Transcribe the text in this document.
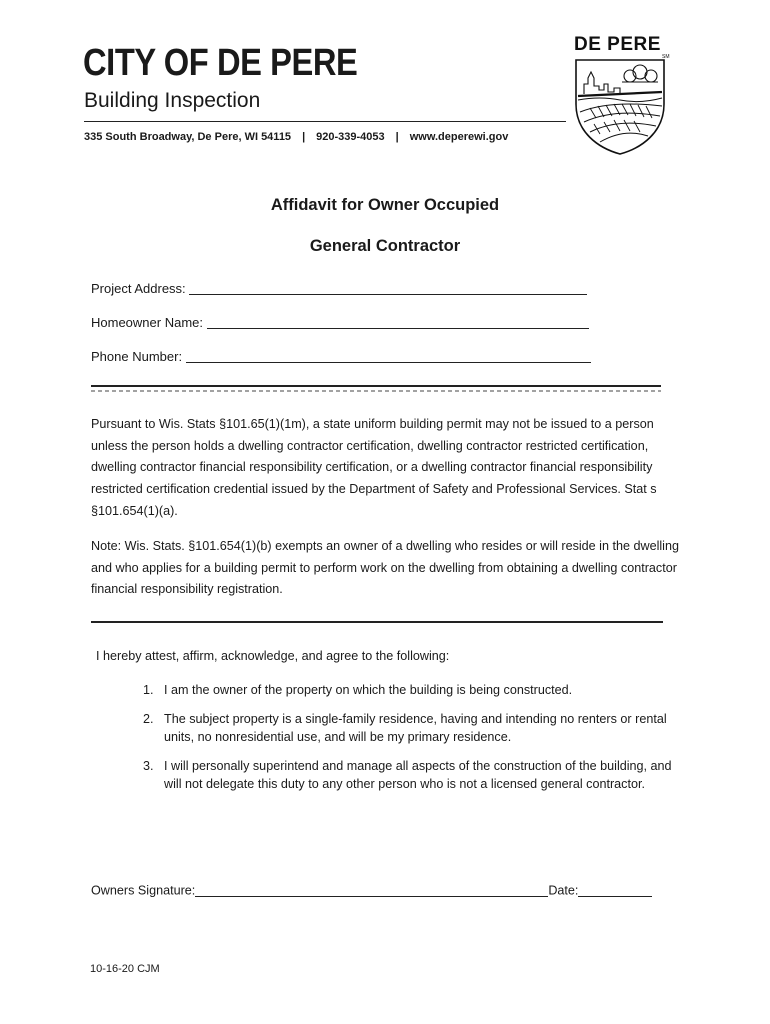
CITY OF DE PERE
Building Inspection
335 South Broadway, De Pere, WI 54115 | 920-339-4053 | www.deperewi.gov
DE PERE
SM
Affidavit for Owner Occupied
General Contractor
Project Address:
Homeowner Name:
Phone Number:
Pursuant to Wis. Stats §101.65(1)(1m), a state uniform building permit may not be issued to a person unless the person holds a dwelling contractor certification, dwelling contractor restricted certification, dwelling contractor financial responsibility certification, or a dwelling contractor financial responsibility restricted certification credential issued by the Department of Safety and Professional Services. Stat s §101.654(1)(a).
Note: Wis. Stats. §101.654(1)(b) exempts an owner of a dwelling who resides or will reside in the dwelling and who applies for a building permit to perform work on the dwelling from obtaining a dwelling contractor financial responsibility registration.
I hereby attest, affirm, acknowledge, and agree to the following:
1. I am the owner of the property on which the building is being constructed.
2. The subject property is a single-family residence, having and intending no renters or rental units, no nonresidential use, and will be my primary residence.
3. I will personally superintend and manage all aspects of the construction of the building, and will not delegate this duty to any other person who is not a licensed general contractor.
Owners Signature:	Date:
10-16-20 CJM
